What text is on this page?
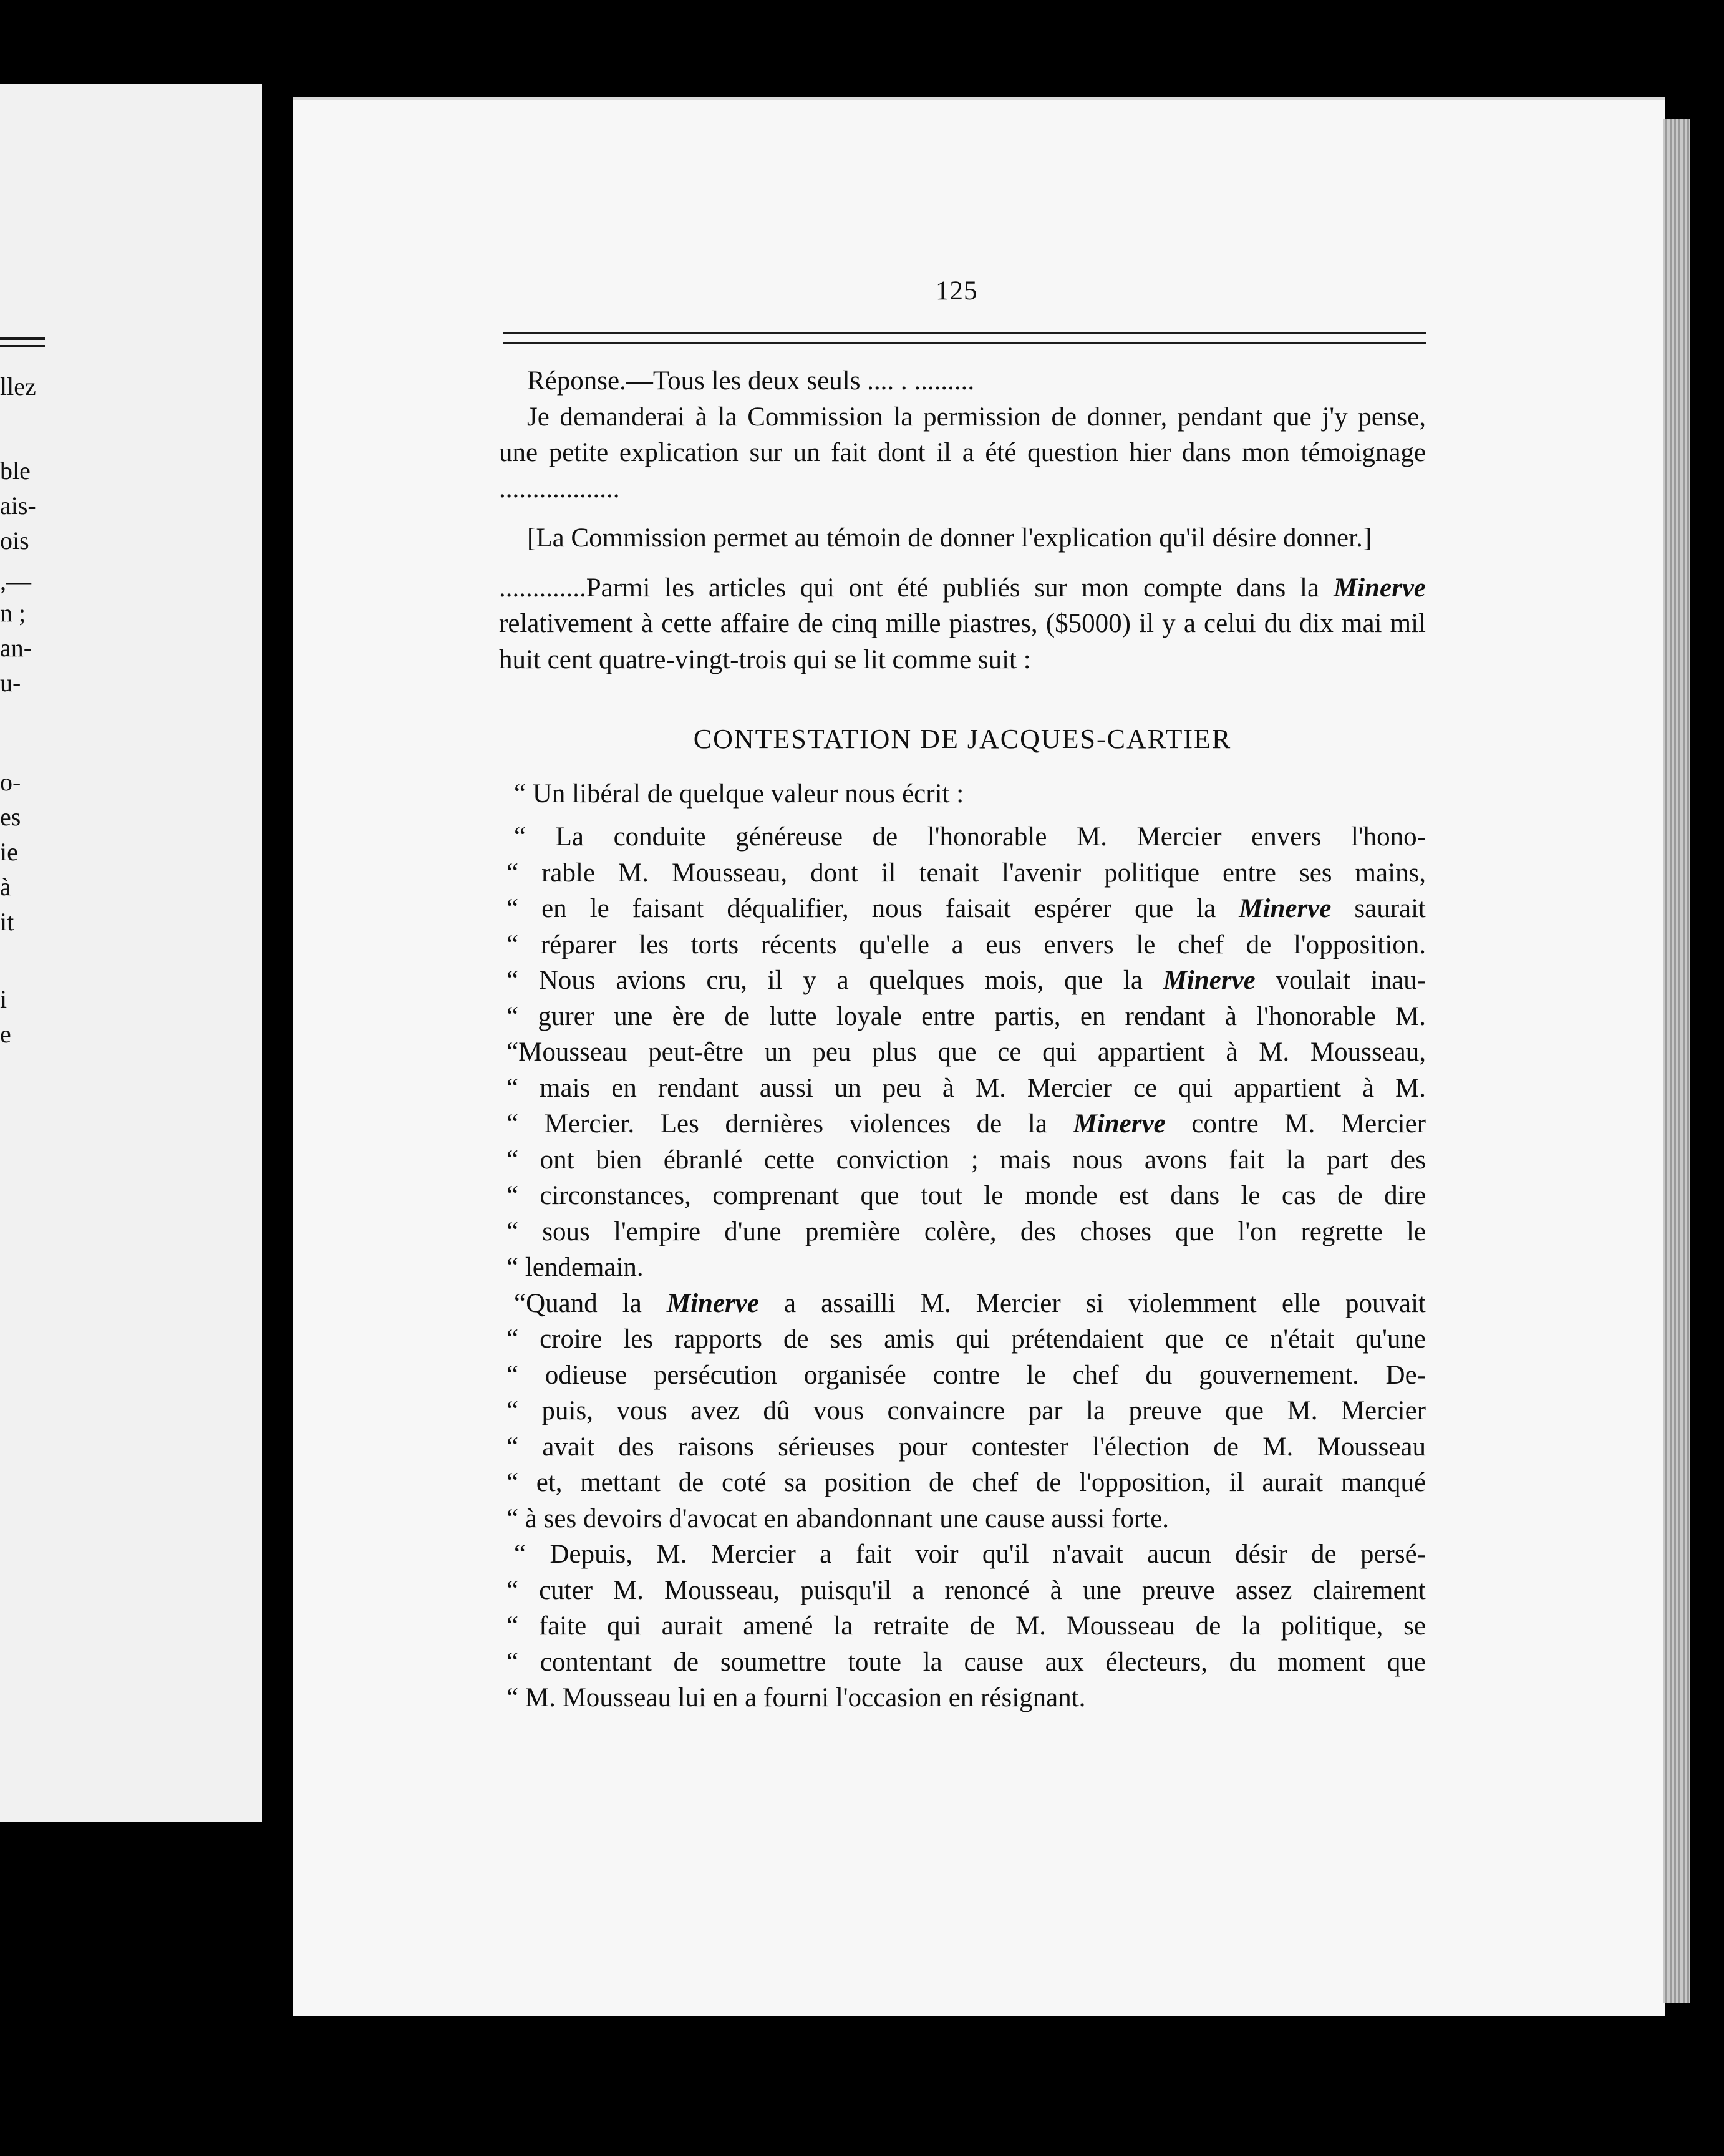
llez
ble
ais-
ois
,—
n ;
an-
u-
o-
es
ie
à
it
i
e
125

Réponse.—Tous les deux seuls .... . .........

Je demanderai à la Commission la permission de donner, pendant que j'y pense, une petite explication sur un fait dont il a été question hier dans mon témoignage ..................

[La Commission permet au témoin de donner l'explication qu'il désire donner.]

.............Parmi les articles qui ont été publiés sur mon compte dans la Minerve relativement à cette affaire de cinq mille piastres, ($5000) il y a celui du dix mai mil huit cent quatre-vingt-trois qui se lit comme suit :

CONTESTATION DE JACQUES-CARTIER

“ Un libéral de quelque valeur nous écrit :

“ La conduite généreuse de l'honorable M. Mercier envers l'hono-
“ rable M. Mousseau, dont il tenait l'avenir politique entre ses mains,
“ en le faisant déqualifier, nous faisait espérer que la Minerve saurait
“ réparer les torts récents qu'elle a eus envers le chef de l'opposition.
“ Nous avions cru, il y a quelques mois, que la Minerve voulait inau-
“ gurer une ère de lutte loyale entre partis, en rendant à l'honorable M.
“Mousseau peut-être un peu plus que ce qui appartient à M. Mousseau,
“ mais en rendant aussi un peu à M. Mercier ce qui appartient à M.
“ Mercier. Les dernières violences de la Minerve contre M. Mercier
“ ont bien ébranlé cette conviction ; mais nous avons fait la part des
“ circonstances, comprenant que tout le monde est dans le cas de dire
“ sous l'empire d'une première colère, des choses que l'on regrette le
“ lendemain.
“Quand la Minerve a assailli M. Mercier si violemment elle pouvait
“ croire les rapports de ses amis qui prétendaient que ce n'était qu'une
“ odieuse persécution organisée contre le chef du gouvernement. De-
“ puis, vous avez dû vous convaincre par la preuve que M. Mercier
“ avait des raisons sérieuses pour contester l'élection de M. Mousseau
“ et, mettant de coté sa position de chef de l'opposition, il aurait manqué
“ à ses devoirs d'avocat en abandonnant une cause aussi forte.
“ Depuis, M. Mercier a fait voir qu'il n'avait aucun désir de persé-
“ cuter M. Mousseau, puisqu'il a renoncé à une preuve assez clairement
“ faite qui aurait amené la retraite de M. Mousseau de la politique, se
“ contentant de soumettre toute la cause aux électeurs, du moment que
“ M. Mousseau lui en a fourni l'occasion en résignant.
